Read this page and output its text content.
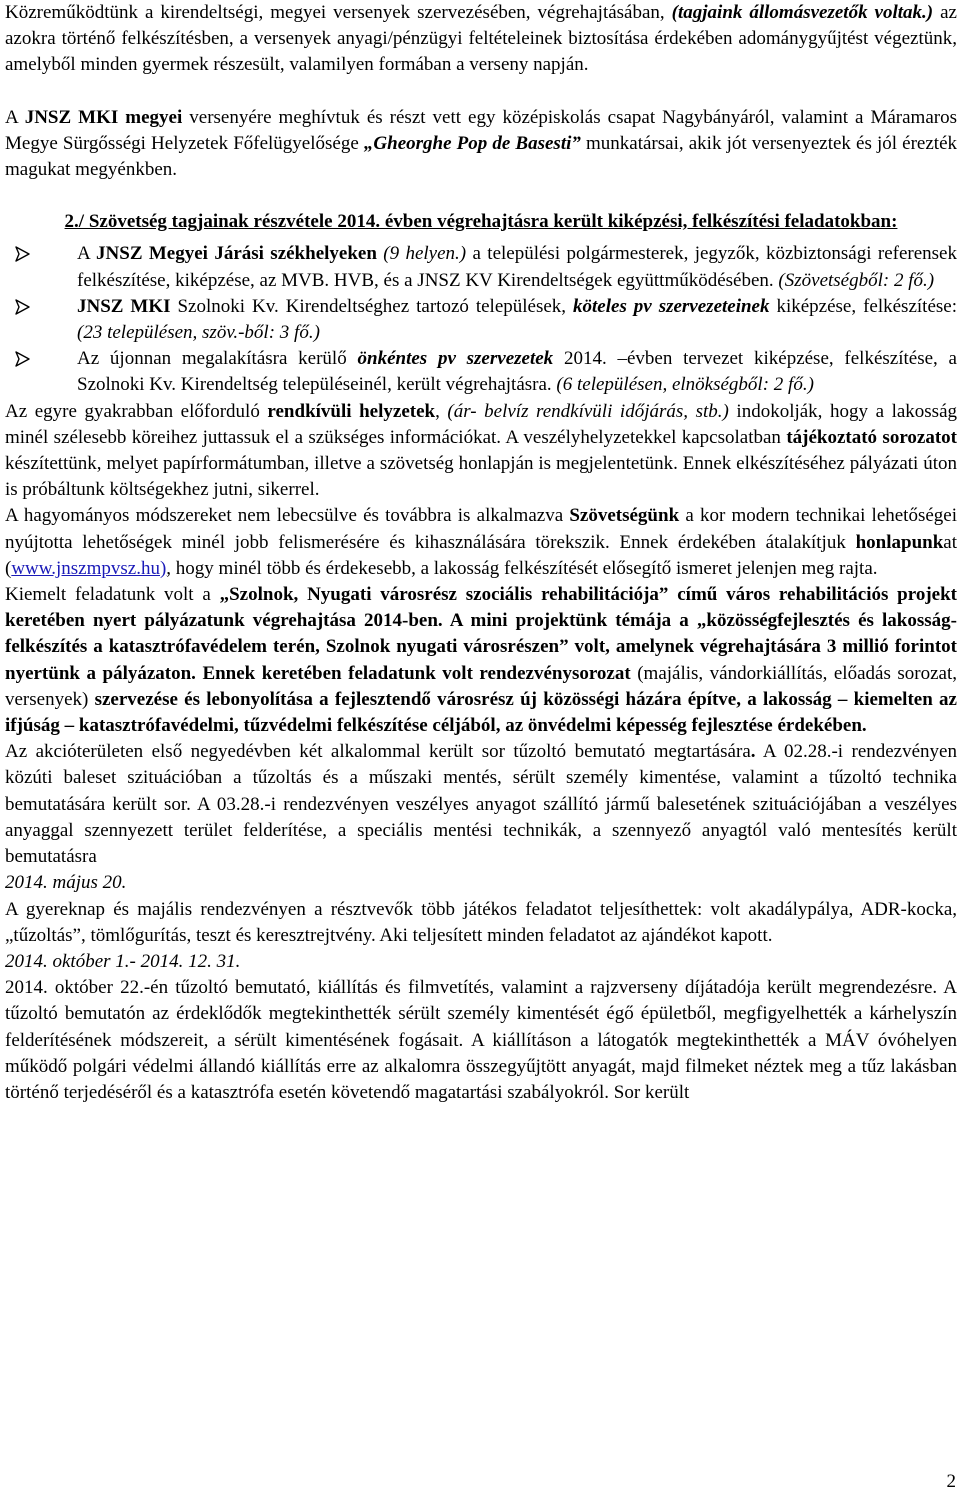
Közreműködtünk a kirendeltségi, megyei versenyek szervezésében, végrehajtásában, (tagjaink állomásvezetők voltak.) az azokra történő felkészítésben, a versenyek anyagi/pénzügyi feltételeinek biztosítása érdekében adománygyűjtést végeztünk, amelyből minden gyermek részesült, valamilyen formában a verseny napján.

A JNSZ MKI megyei versenyére meghívtuk és részt vett egy középiskolás csapat Nagybányáról, valamint a Máramaros Megye Sürgősségi Helyzetek Főfelügyelősége „Gheorghe Pop de Basesti” munkatársai, akik jót versenyeztek és jól érezték magukat megyénkben.

2./ Szövetség tagjainak részvétele 2014. évben végrehajtásra került kiképzési, felkészítési feladatokban:

A JNSZ Megyei Járási székhelyeken (9 helyen.) a települési polgármesterek, jegyzők, közbiztonsági referensek felkészítése, kiképzése, az MVB. HVB, és a JNSZ KV Kirendeltségek együttműködésében. (Szövetségből: 2 fő.)
JNSZ MKI Szolnoki Kv. Kirendeltséghez tartozó települések, köteles pv szervezeteinek kiképzése, felkészítése: (23 településen, szöv.-ből: 3 fő.)
Az újonnan megalakításra kerülő önkéntes pv szervezetek 2014. –évben tervezet kiképzése, felkészítése, a Szolnoki Kv. Kirendeltség településeinél, került végrehajtásra. (6 településen, elnökségből: 2 fő.)

Az egyre gyakrabban előforduló rendkívüli helyzetek, (ár- belvíz rendkívüli időjárás, stb.) indokolják, hogy a lakosság minél szélesebb köreihez juttassuk el a szükséges információkat. A veszélyhelyzetekkel kapcsolatban tájékoztató sorozatot készítettünk, melyet papírformátumban, illetve a szövetség honlapján is megjelentetünk. Ennek elkészítéséhez pályázati úton is próbáltunk költségekhez jutni, sikerrel.

A hagyományos módszereket nem lebecsülve és továbbra is alkalmazva Szövetségünk a kor modern technikai lehetőségei nyújtotta lehetőségek minél jobb felismerésére és kihasználására törekszik. Ennek érdekében átalakítjuk honlapunkat (www.jnszmpvsz.hu), hogy minél több és érdekesebb, a lakosság felkészítését elősegítő ismeret jelenjen meg rajta.

Kiemelt feladatunk volt a „Szolnok, Nyugati városrész szociális rehabilitációja” című város rehabilitációs projekt keretében nyert pályázatunk végrehajtása 2014-ben. A mini projektünk témája a „közösségfejlesztés és lakosság-felkészítés a katasztrófavédelem terén, Szolnok nyugati városrészen” volt, amelynek végrehajtására 3 millió forintot nyertünk a pályázaton. Ennek keretében feladatunk volt rendezvénysorozat (majális, vándorkiállítás, előadás sorozat, versenyek) szervezése és lebonyolítása a fejlesztendő városrész új közösségi házára építve, a lakosság – kiemelten az ifjúság – katasztrófavédelmi, tűzvédelmi felkészítése céljából, az önvédelmi képesség fejlesztése érdekében.

Az akcióterületen első negyedévben két alkalommal került sor tűzoltó bemutató megtartására. A 02.28.-i rendezvényen közúti baleset szituációban a tűzoltás és a műszaki mentés, sérült személy kimentése, valamint a tűzoltó technika bemutatására került sor. A 03.28.-i rendezvényen veszélyes anyagot szállító jármű balesetének szituációjában a veszélyes anyaggal szennyezett terület felderítése, a speciális mentési technikák, a szennyező anyagtól való mentesítés került bemutatásra

2014. május 20.

A gyereknap és majális rendezvényen a résztvevők több játékos feladatot teljesíthettek: volt akadálypálya, ADR-kocka, „tűzoltás”, tömlőgurítás, teszt és keresztrejtvény. Aki teljesített minden feladatot az ajándékot kapott.

2014. október 1.- 2014. 12. 31.

2014. október 22.-én tűzoltó bemutató, kiállítás és filmvetítés, valamint a rajzverseny díjátadója került megrendezésre. A tűzoltó bemutatón az érdeklődők megtekinthették sérült személy kimentését égő épületből, megfigyelhették a kárhelyszín felderítésének módszereit, a sérült kimentésének fogásait. A kiállításon a látogatók megtekinthették a MÁV óvóhelyen működő polgári védelmi állandó kiállítás erre az alkalomra összegyűjtött anyagát, majd filmeket néztek meg a tűz lakásban történő terjedéséről és a katasztrófa esetén követendő magatartási szabályokról. Sor került

2
